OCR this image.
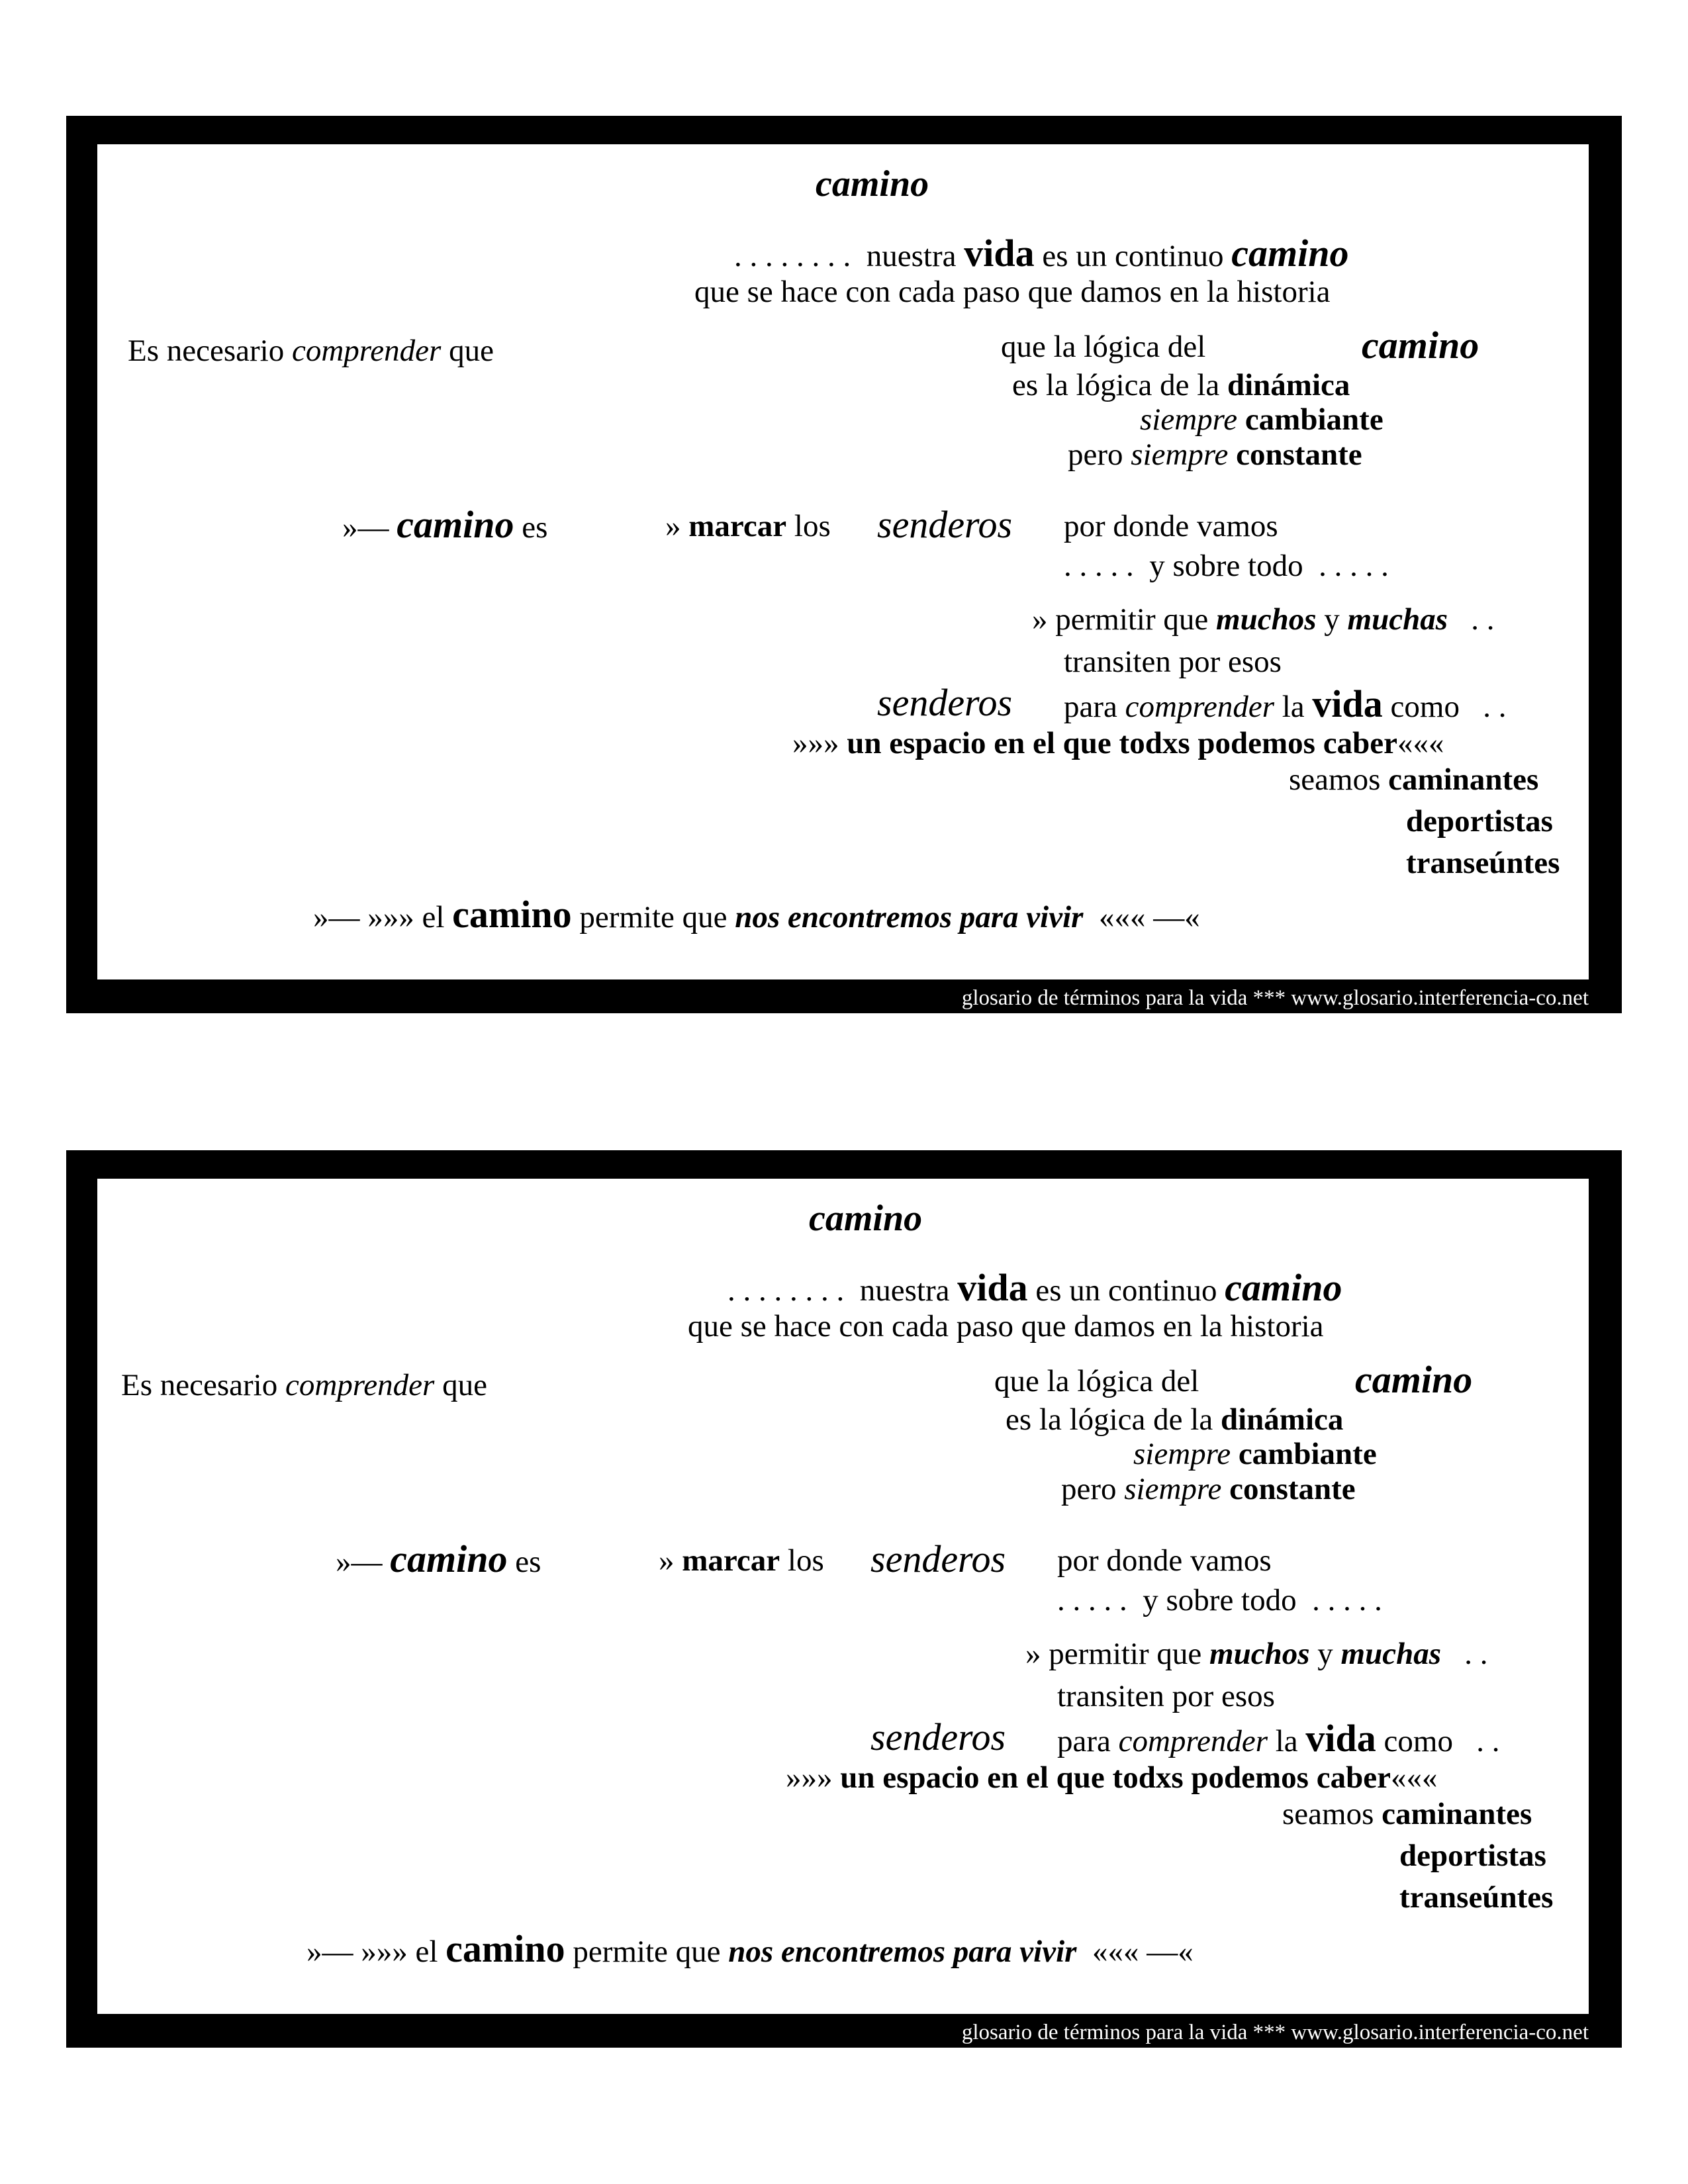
camino
. . . . . . . . nuestra vida es un continuo camino
que se hace con cada paso que damos en la historia
Es necesario comprender que	que la lógica del	camino
es la lógica de la dinámica
siempre cambiante
pero siempre constante
»— camino es	» marcar los senderos por donde vamos
. . . . . y sobre todo . . . . .
» permitir que muchos y muchas . .
transiten por esos
senderos para comprender la vida como . .
»»» un espacio en el que todxs podemos caber«««
seamos caminantes
deportistas
transeúntes
»— »»» el camino permite que nos encontremos para vivir ««« —«
glosario de términos para la vida *** www.glosario.interferencia-co.net
camino
. . . . . . . . nuestra vida es un continuo camino
que se hace con cada paso que damos en la historia
Es necesario comprender que	que la lógica del	camino
es la lógica de la dinámica
siempre cambiante
pero siempre constante
»— camino es	» marcar los senderos por donde vamos
. . . . . y sobre todo . . . . .
» permitir que muchos y muchas . .
transiten por esos
senderos para comprender la vida como . .
»»» un espacio en el que todxs podemos caber«««
seamos caminantes
deportistas
transeúntes
»— »»» el camino permite que nos encontremos para vivir ««« —«
glosario de términos para la vida *** www.glosario.interferencia-co.net
